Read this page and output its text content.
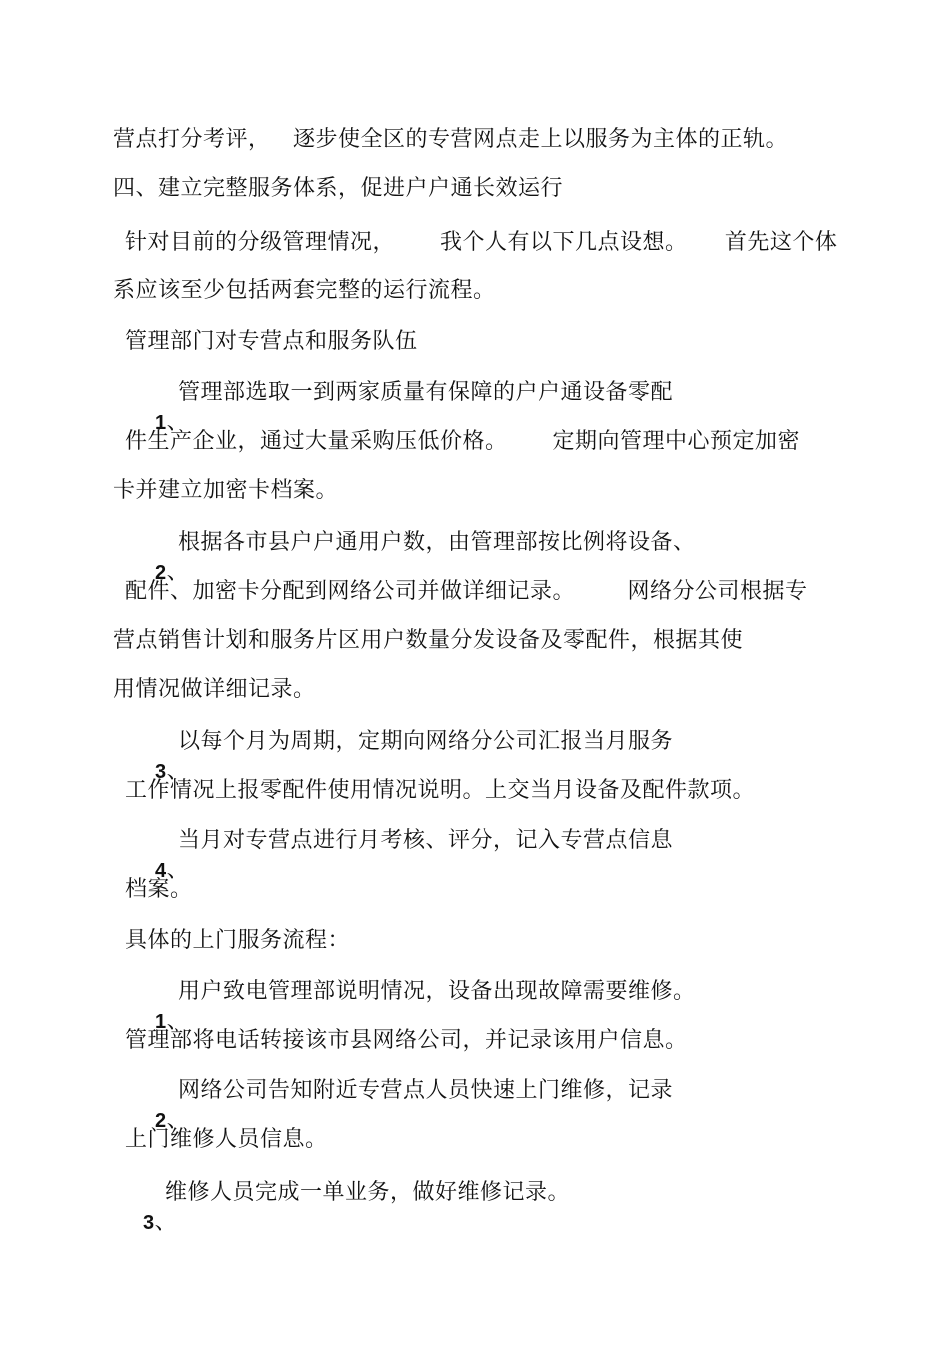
营点打分考评，   逐步使全区的专营网点走上以服务为主体的正轨。
四、建立完整服务体系，促进户户通长效运行
针对目前的分级管理情况，      我个人有以下几点设想。     首先这个体
系应该至少包括两套完整的运行流程。
管理部门对专营点和服务队伍

1、

管理部选取一到两家质量有保障的户户通设备零配
件生产企业，通过大量采购压低价格。      定期向管理中心预定加密
卡并建立加密卡档案。

2、

根据各市县户户通用户数，由管理部按比例将设备、
配件、加密卡分配到网络公司并做详细记录。       网络分公司根据专
营点销售计划和服务片区用户数量分发设备及零配件，根据其使
用情况做详细记录。

3、

以每个月为周期，定期向网络分公司汇报当月服务
工作情况上报零配件使用情况说明。上交当月设备及配件款项。

4、

当月对专营点进行月考核、评分，记入专营点信息
档案。
具体的上门服务流程：

1、

用户致电管理部说明情况，设备出现故障需要维修。
管理部将电话转接该市县网络公司，并记录该用户信息。

2、

网络公司告知附近专营点人员快速上门维修，记录
上门维修人员信息。

3、

维修人员完成一单业务，做好维修记录。
